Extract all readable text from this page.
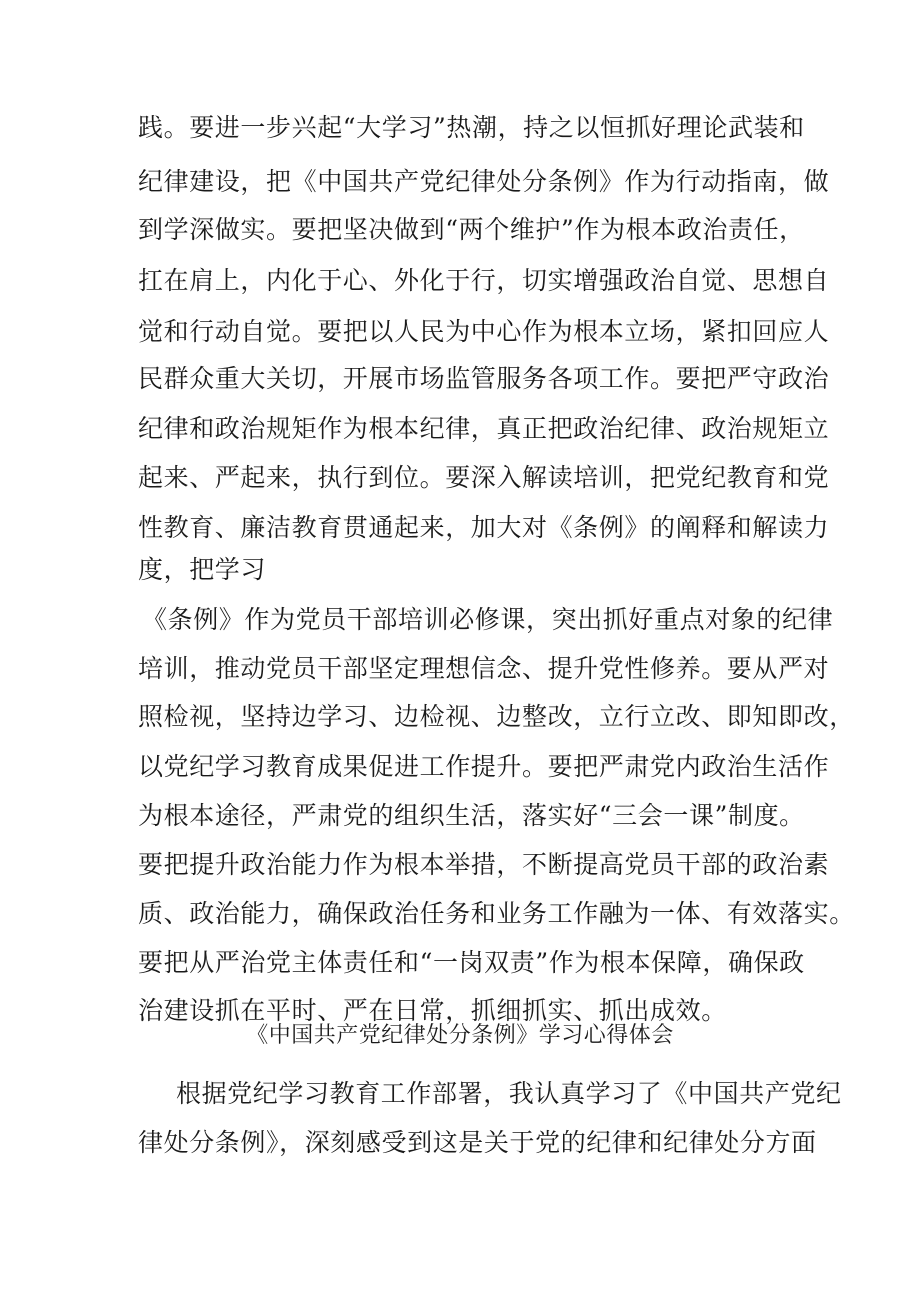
践。要进一步兴起“大学习”热潮，持之以恒抓好理论武装和
纪律建设，把《中国共产党纪律处分条例》作为行动指南，做
到学深做实。要把坚决做到“两个维护”作为根本政治责任，
扛在肩上，内化于心、外化于行，切实增强政治自觉、思想自
觉和行动自觉。要把以人民为中心作为根本立场，紧扣回应人
民群众重大关切，开展市场监管服务各项工作。要把严守政治
纪律和政治规矩作为根本纪律，真正把政治纪律、政治规矩立
起来、严起来，执行到位。要深入解读培训，把党纪教育和党
性教育、廉洁教育贯通起来，加大对《条例》的阐释和解读力
度，把学习
《条例》作为党员干部培训必修课，突出抓好重点对象的纪律
培训，推动党员干部坚定理想信念、提升党性修养。要从严对
照检视，坚持边学习、边检视、边整改，立行立改、即知即改，
以党纪学习教育成果促进工作提升。要把严肃党内政治生活作
为根本途径，严肃党的组织生活，落实好“三会一课”制度。
要把提升政治能力作为根本举措，不断提高党员干部的政治素
质、政治能力，确保政治任务和业务工作融为一体、有效落实。
要把从严治党主体责任和“一岗双责”作为根本保障，确保政
治建设抓在平时、严在日常，抓细抓实、抓出成效。
《中国共产党纪律处分条例》学习心得体会
根据党纪学习教育工作部署，我认真学习了《中国共产党纪
律处分条例》，深刻感受到这是关于党的纪律和纪律处分方面
